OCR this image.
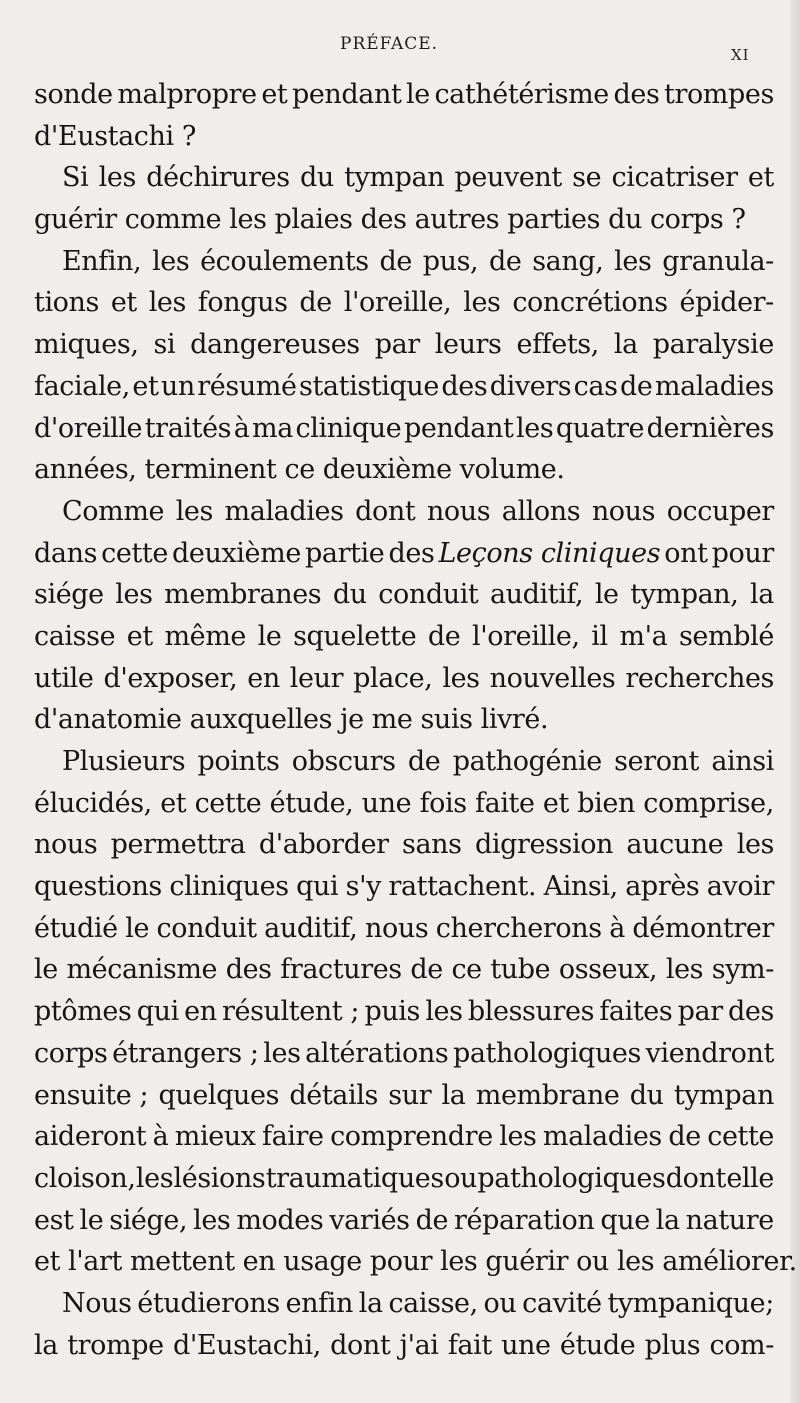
PRÉFACE.
XI
sonde malpropre et pendant le cathétérisme des trompes
d'Eustachi ?
Si les déchirures du tympan peuvent se cicatriser et
guérir comme les plaies des autres parties du corps ?
Enfin, les écoulements de pus, de sang, les granula-
tions et les fongus de l'oreille, les concrétions épider-
miques, si dangereuses par leurs effets, la paralysie
faciale, et un résumé statistique des divers cas de maladies
d'oreille traités à ma clinique pendant les quatre dernières
années, terminent ce deuxième volume.
Comme les maladies dont nous allons nous occuper
dans cette deuxième partie des Leçons cliniques ont pour
siége les membranes du conduit auditif, le tympan, la
caisse et même le squelette de l'oreille, il m'a semblé
utile d'exposer, en leur place, les nouvelles recherches
d'anatomie auxquelles je me suis livré.
Plusieurs points obscurs de pathogénie seront ainsi
élucidés, et cette étude, une fois faite et bien comprise,
nous permettra d'aborder sans digression aucune les
questions cliniques qui s'y rattachent. Ainsi, après avoir
étudié le conduit auditif, nous chercherons à démontrer
le mécanisme des fractures de ce tube osseux, les sym-
ptômes qui en résultent ; puis les blessures faites par des
corps étrangers ; les altérations pathologiques viendront
ensuite ; quelques détails sur la membrane du tympan
aideront à mieux faire comprendre les maladies de cette
cloison, les lésions traumatiques ou pathologiques dont elle
est le siége, les modes variés de réparation que la nature
et l'art mettent en usage pour les guérir ou les améliorer.
Nous étudierons enfin la caisse, ou cavité tympanique;
la trompe d'Eustachi, dont j'ai fait une étude plus com-
